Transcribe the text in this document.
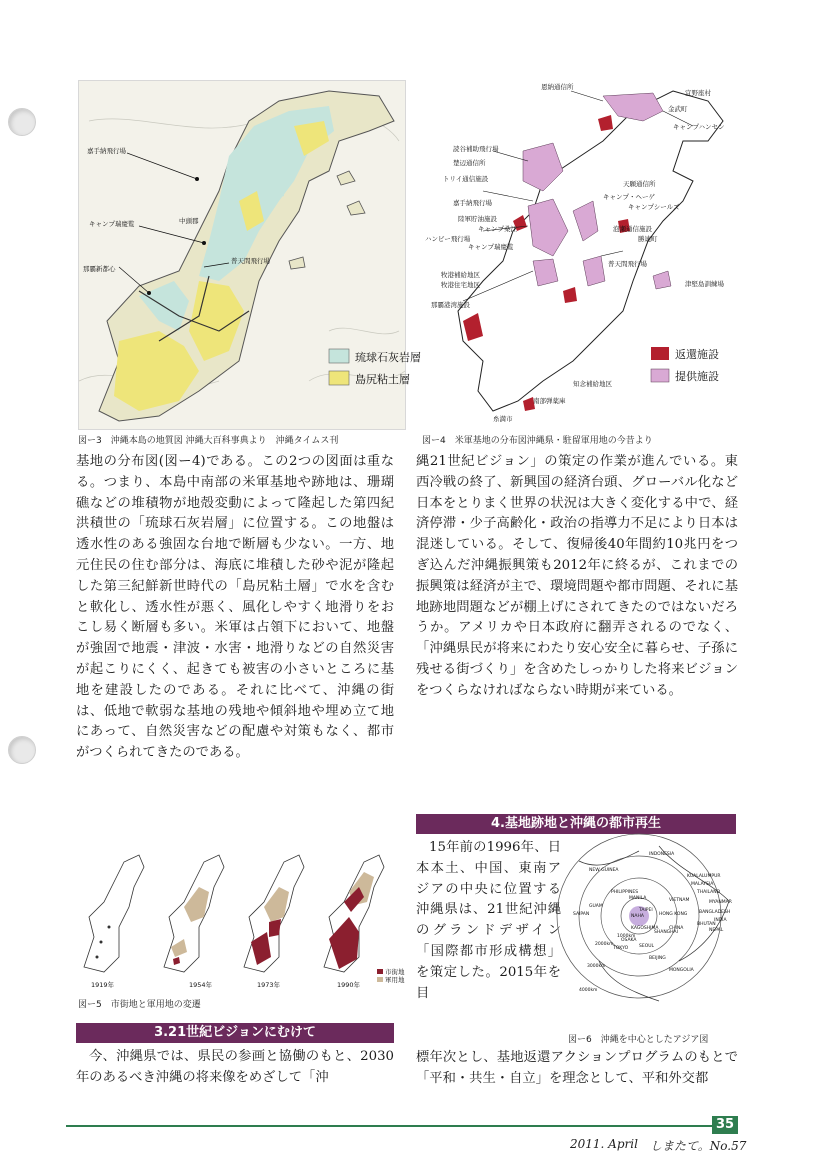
嘉手納飛行場
キャンプ瑞慶覧
那覇新都心
普天間飛行場
中頭郡
琉球石灰岩層
島尻粘土層
図ー3　沖縄本島の地質図 沖縄大百科事典より　沖縄タイムス刊
恩納通信所
キャンプハンセン
読谷補助飛行場
トリイ通信施設
嘉手納飛行場
天願通信所
キャンプ・ヘーゲ
キャンプシールズ
陸軍貯油施設
キャンプ桑江	泡瀬通信施設
ハンビー飛行場
キャンプ瑞慶覧
普天間飛行場
牧港補給地区
牧港住宅地区
那覇港湾施設
知念補給地区
南部弾薬庫
楚辺通信所
金武町
宜野座村
勝連町
糸満市
津堅島訓練場
返還施設
提供施設
図ー4　米軍基地の分布図沖縄県・駐留軍用地の今昔より

基地の分布図(図ー4)である。この2つの図面は重なる。つまり、本島中南部の米軍基地や跡地は、珊瑚礁などの堆積物が地殻変動によって隆起した第四紀洪積世の「琉球石灰岩層」に位置する。この地盤は透水性のある強固な台地で断層も少ない。一方、地元住民の住む部分は、海底に堆積した砂や泥が隆起した第三紀鮮新世時代の「島尻粘土層」で水を含むと軟化し、透水性が悪く、風化しやすく地滑りをおこし易く断層も多い。米軍は占領下において、地盤が強固で地震・津波・水害・地滑りなどの自然災害が起こりにくく、起きても被害の小さいところに基地を建設したのである。それに比べて、沖縄の街は、低地で軟弱な基地の残地や傾斜地や埋め立て地にあって、自然災害などの配慮や対策もなく、都市がつくられてきたのである。

縄21世紀ビジョン」の策定の作業が進んでいる。東西冷戦の終了、新興国の経済台頭、グローバル化など日本をとりまく世界の状況は大きく変化する中で、経済停滞・少子高齢化・政治の指導力不足により日本は混迷している。そして、復帰後40年間約10兆円をつぎ込んだ沖縄振興策も2012年に終るが、これまでの振興策は経済が主で、環境問題や都市問題、それに基地跡地問題などが棚上げにされてきたのではないだろうか。アメリカや日本政府に翻弄されるのでなく、「沖縄県民が将来にわたり安心安全に暮らせ、子孫に残せる街づくり」を含めたしっかりした将来ビジョンをつくらなければならない時期が来ている。

1919年	1954年	1973年	1990年
市街地
軍用地
図ー5　市街地と軍用地の変遷
3.21世紀ビジョンにむけて

今、沖縄県では、県民の参画と協働のもと、2030年のあるべき沖縄の将来像をめざして「沖

4.基地跡地と沖縄の都市再生

15年前の1996年、日本本土、中国、東南アジアの中央に位置する沖縄県は、21世紀沖縄のグランドデザイン「国際都市形成構想」を策定した。2015年を目

INDONESIA
KUALALUMPUR
MALAYSIA
THAILAND
MYANMAR
BANGLADESH
INDIA
NEPAL
BHUTAN
VIETNAM
CHINA
MONGOLIA
PHILIPPINES
MANILA
GUAM
SAIPAN
TAIPEI
NAHA
KAGOSHIMA
OSAKA
TOKYO SEOUL
BEIJING
SHANGHAI
HONG KONG
NEW GUINEA
1000km
2000km
3000km
4000km
図ー6　沖縄を中心としたアジア図

標年次とし、基地返還アクションプログラムのもとで「平和・共生・自立」を理念として、平和外交都

35
2011. April しまたて。No.57
